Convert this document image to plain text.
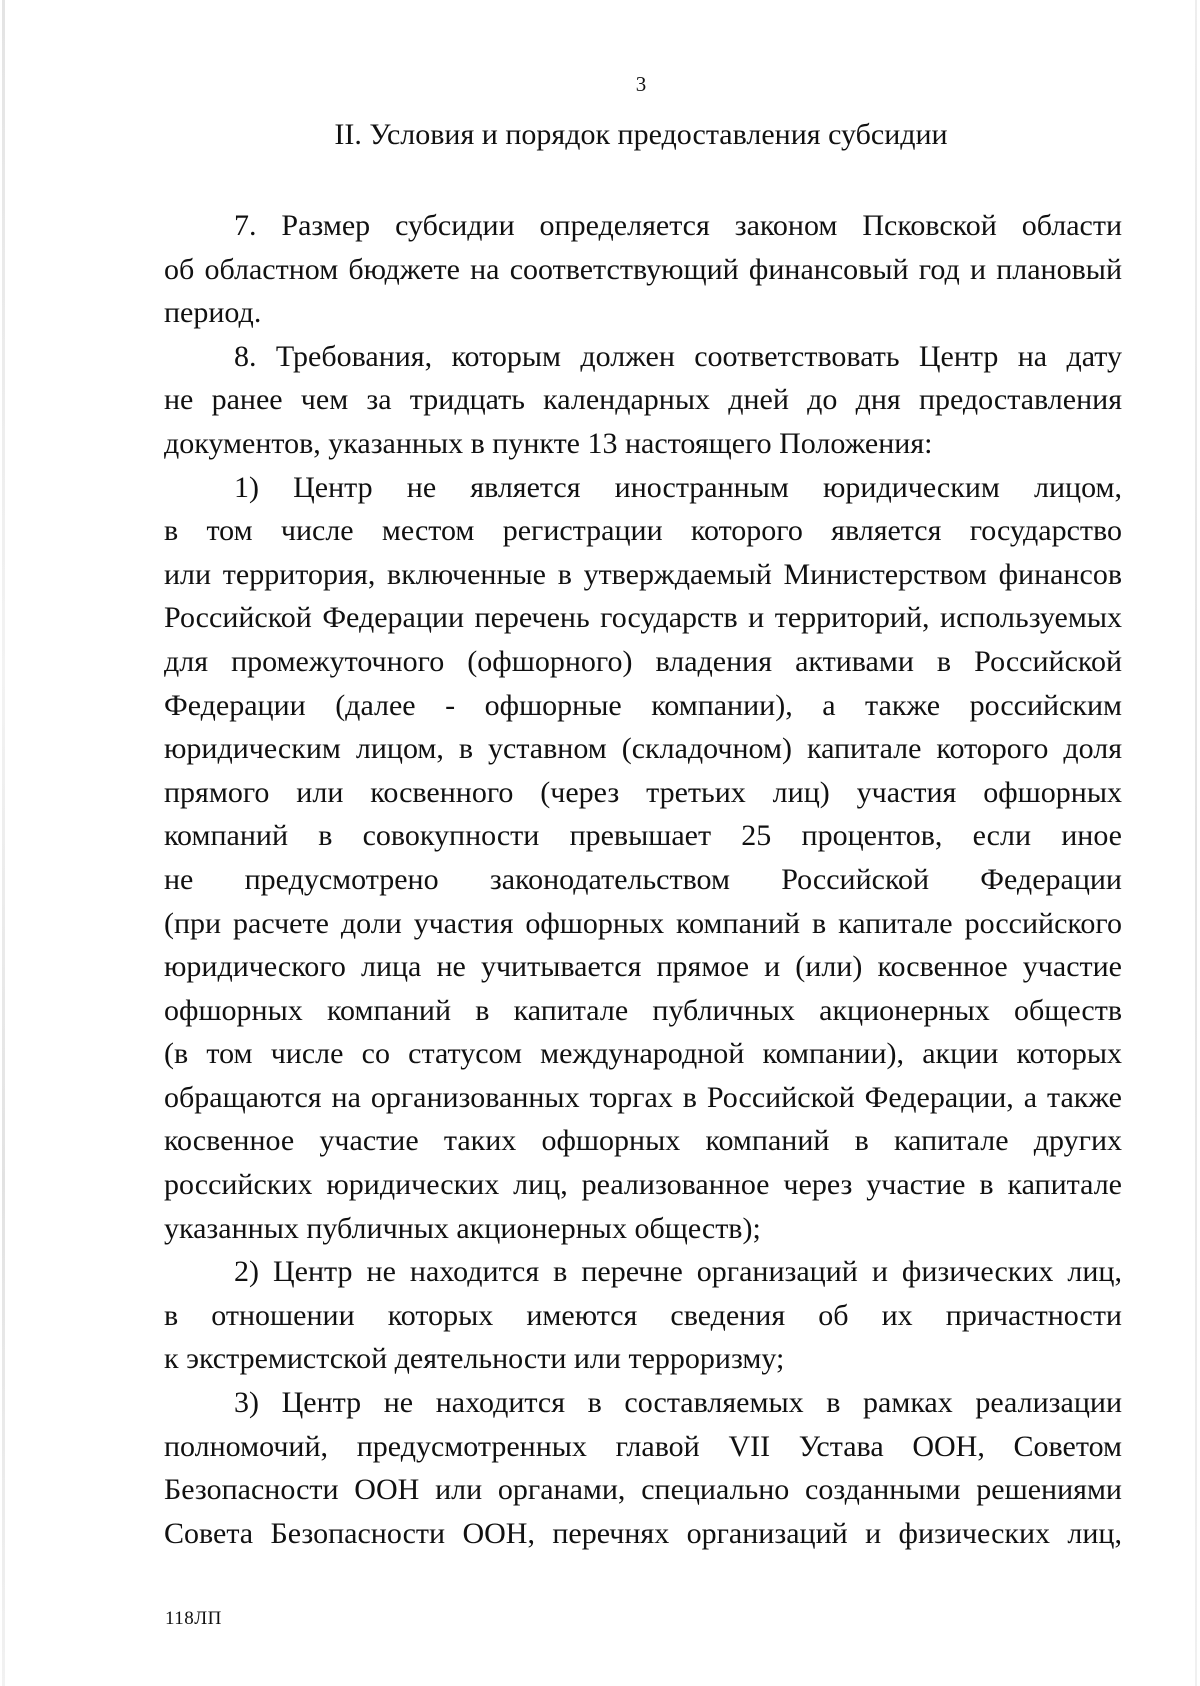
3
II. Условия и порядок предоставления субсидии
7. Размер субсидии определяется законом Псковской области
об областном бюджете на соответствующий финансовый год и плановый
период.
8. Требования, которым должен соответствовать Центр на дату
не ранее чем за тридцать календарных дней до дня предоставления
документов, указанных в пункте 13 настоящего Положения:
1) Центр не является иностранным юридическим лицом,
в том числе местом регистрации которого является государство
или территория, включенные в утверждаемый Министерством финансов
Российской Федерации перечень государств и территорий, используемых
для промежуточного (офшорного) владения активами в Российской
Федерации (далее - офшорные компании), а также российским
юридическим лицом, в уставном (складочном) капитале которого доля
прямого или косвенного (через третьих лиц) участия офшорных
компаний в совокупности превышает 25 процентов, если иное
не предусмотрено законодательством Российской Федерации
(при расчете доли участия офшорных компаний в капитале российского
юридического лица не учитывается прямое и (или) косвенное участие
офшорных компаний в капитале публичных акционерных обществ
(в том числе со статусом международной компании), акции которых
обращаются на организованных торгах в Российской Федерации, а также
косвенное участие таких офшорных компаний в капитале других
российских юридических лиц, реализованное через участие в капитале
указанных публичных акционерных обществ);
2) Центр не находится в перечне организаций и физических лиц,
в отношении которых имеются сведения об их причастности
к экстремистской деятельности или терроризму;
3) Центр не находится в составляемых в рамках реализации
полномочий, предусмотренных главой VII Устава ООН, Советом
Безопасности ООН или органами, специально созданными решениями
Совета Безопасности ООН, перечнях организаций и физических лиц,
118ЛП
